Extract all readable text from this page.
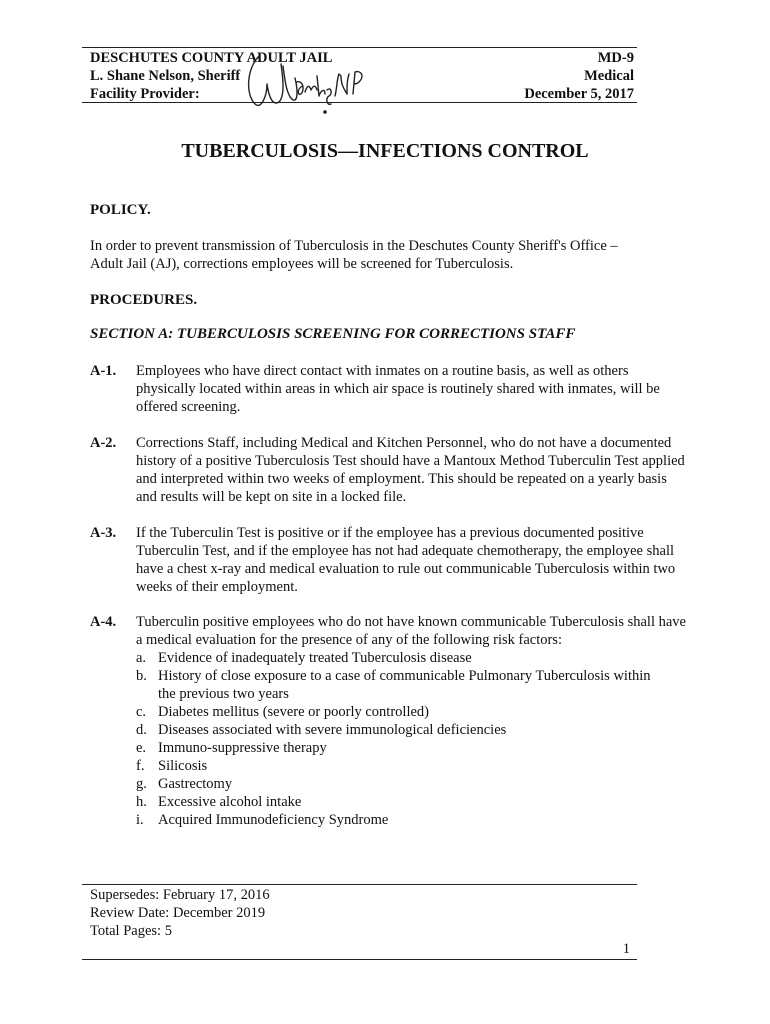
DESCHUTES COUNTY ADULT JAIL	MD-9
L. Shane Nelson, Sheriff	Medical
Facility Provider:	December 5, 2017
TUBERCULOSIS—INFECTIONS CONTROL
POLICY.
In order to prevent transmission of Tuberculosis in the Deschutes County Sheriff's Office – Adult Jail (AJ), corrections employees will be screened for Tuberculosis.
PROCEDURES.
SECTION A: TUBERCULOSIS SCREENING FOR CORRECTIONS STAFF
A-1. Employees who have direct contact with inmates on a routine basis, as well as others physically located within areas in which air space is routinely shared with inmates, will be offered screening.
A-2. Corrections Staff, including Medical and Kitchen Personnel, who do not have a documented history of a positive Tuberculosis Test should have a Mantoux Method Tuberculin Test applied and interpreted within two weeks of employment. This should be repeated on a yearly basis and results will be kept on site in a locked file.
A-3. If the Tuberculin Test is positive or if the employee has a previous documented positive Tuberculin Test, and if the employee has not had adequate chemotherapy, the employee shall have a chest x-ray and medical evaluation to rule out communicable Tuberculosis within two weeks of their employment.
A-4. Tuberculin positive employees who do not have known communicable Tuberculosis shall have a medical evaluation for the presence of any of the following risk factors:
a. Evidence of inadequately treated Tuberculosis disease
b. History of close exposure to a case of communicable Pulmonary Tuberculosis within the previous two years
c. Diabetes mellitus (severe or poorly controlled)
d. Diseases associated with severe immunological deficiencies
e. Immuno-suppressive therapy
f. Silicosis
g. Gastrectomy
h. Excessive alcohol intake
i. Acquired Immunodeficiency Syndrome
Supersedes: February 17, 2016
Review Date: December 2019
Total Pages: 5
1
